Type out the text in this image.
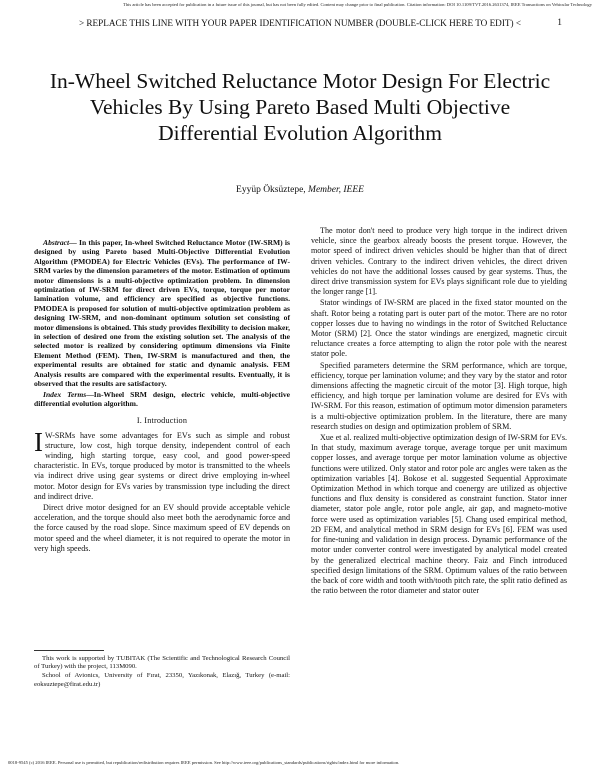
This article has been accepted for publication in a future issue of this journal, but has not been fully edited. Content may change prior to final publication. Citation information: DOI 10.1109/TVT.2016.2631374, IEEE Transactions on Vehicular Technology
> REPLACE THIS LINE WITH YOUR PAPER IDENTIFICATION NUMBER (DOUBLE-CLICK HERE TO EDIT) <	1
In-Wheel Switched Reluctance Motor Design For Electric Vehicles By Using Pareto Based Multi Objective Differential Evolution Algorithm
Eyyüp Öksüztepe, Member, IEEE

Abstract— In this paper, In-wheel Switched Reluctance Motor (IW-SRM) is designed by using Pareto based Multi-Objective Differential Evolution Algorithm (PMODEA) for Electric Vehicles (EVs). The performance of IW-SRM varies by the dimension parameters of the motor. Estimation of optimum motor dimensions is a multi-objective optimization problem. In dimension optimization of IW-SRM for direct driven EVs, torque, torque per motor lamination volume, and efficiency are specified as objective functions. PMODEA is proposed for solution of multi-objective optimization problem as designing IW-SRM, and non-dominant optimum solution set consisting of motor dimensions is obtained. This study provides flexibility to decision maker, in selection of desired one from the existing solution set. The analysis of the selected motor is realized by considering optimum dimensions via Finite Element Method (FEM). Then, IW-SRM is manufactured and then, the experimental results are obtained for static and dynamic analysis. FEM Analysis results are compared with the experimental results. Eventually, it is observed that the results are satisfactory.

Index Terms—In-Wheel SRM design, electric vehicle, multi-objective differential evolution algorithm.

I. Introduction

I W-SRMs have some advantages for EVs such as simple and robust structure, low cost, high torque density, independent control of each winding, high starting torque, easy cool, and good power-speed characteristic. In EVs, torque produced by motor is transmitted to the wheels via indirect drive using gear systems or direct drive employing in-wheel motor. Motor design for EVs varies by transmission type including the direct and indirect drive.

Direct drive motor designed for an EV should provide acceptable vehicle acceleration, and the torque should also meet both the aerodynamic force and the force caused by the road slope. Since maximum speed of EV depends on motor speed and the wheel diameter, it is not required to operate the motor in very high speeds.

This work is supported by TUBITAK (The Scientific and Technological Research Council of Turkey) with the project, 113M090.

School of Avionics, University of Fırat, 23350, Yazıkonak, Elazığ, Turkey (e-mail: eoksuztepe@firat.edu.tr)

The motor don't need to produce very high torque in the indirect driven vehicle, since the gearbox already boosts the present torque. However, the motor speed of indirect driven vehicles should be higher than that of direct driven vehicles. Contrary to the indirect driven vehicles, the direct driven vehicles do not have the additional losses caused by gear systems. Thus, the direct drive transmission system for EVs plays significant role due to yielding the longer range [1].

Stator windings of IW-SRM are placed in the fixed stator mounted on the shaft. Rotor being a rotating part is outer part of the motor. There are no rotor copper losses due to having no windings in the rotor of Switched Reluctance Motor (SRM) [2]. Once the stator windings are energized, magnetic circuit reluctance creates a force attempting to align the rotor pole with the nearest stator pole.

Specified parameters determine the SRM performance, which are torque, efficiency, torque per lamination volume; and they vary by the stator and rotor dimensions affecting the magnetic circuit of the motor [3]. High torque, high efficiency, and high torque per lamination volume are desired for EVs with IW-SRM. For this reason, estimation of optimum motor dimension parameters is a multi-objective optimization problem. In the literature, there are many research studies on design and optimization problem of SRM.

Xue et al. realized multi-objective optimization design of IW-SRM for EVs. In that study, maximum average torque, average torque per unit maximum copper losses, and average torque per motor lamination volume as objective functions were utilized. Only stator and rotor pole arc angles were taken as the optimization variables [4]. Bokose et al. suggested Sequential Approximate Optimization Method in which torque and coenergy are utilized as objective functions and flux density is considered as constraint function. Stator inner diameter, stator pole angle, rotor pole angle, air gap, and magneto-motive force were used as optimization variables [5]. Chang used empirical method, 2D FEM, and analytical method in SRM design for EVs [6]. FEM was used for fine-tuning and validation in design process. Dynamic performance of the motor under converter control were investigated by analytical model created by the generalized electrical machine theory. Faiz and Finch introduced specified design limitations of the SRM. Optimum values of the ratio between the back of core width and tooth with/tooth pitch rate, the split ratio defined as the ratio between the rotor diameter and stator outer

0018-9545 (c) 2016 IEEE. Personal use is permitted, but republication/redistribution requires IEEE permission. See http://www.ieee.org/publications_standards/publications/rights/index.html for more information.
